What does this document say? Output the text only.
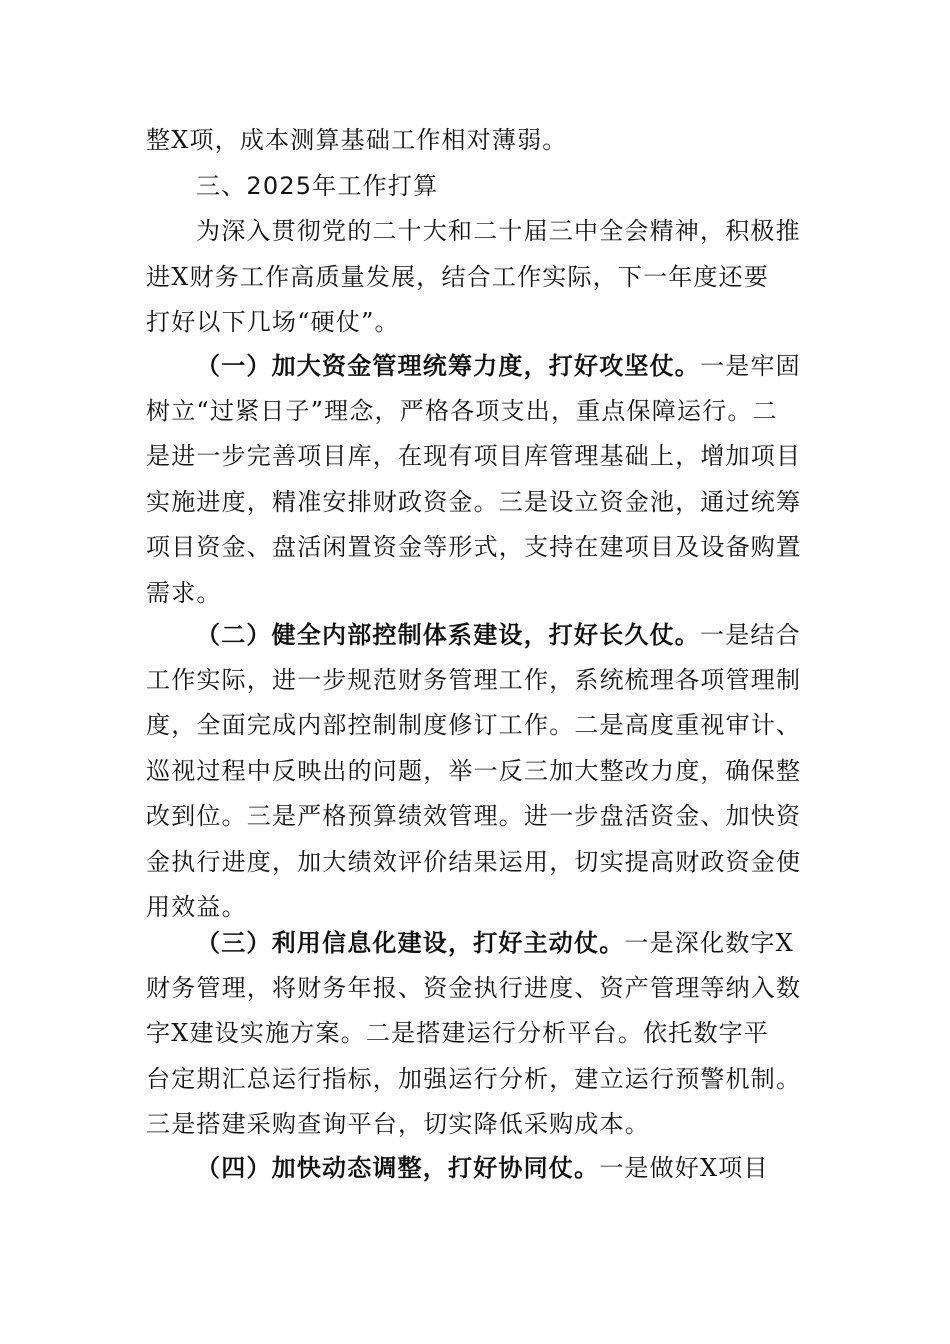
整X项，成本测算基础工作相对薄弱。
三、2025年工作打算
为深入贯彻党的二十大和二十届三中全会精神，积极推
进X财务工作高质量发展，结合工作实际，下一年度还要
打好以下几场“硬仗”。
（一）加大资金管理统筹力度，打好攻坚仗。一是牢固
树立“过紧日子”理念，严格各项支出，重点保障运行。二
是进一步完善项目库，在现有项目库管理基础上，增加项目
实施进度，精准安排财政资金。三是设立资金池，通过统筹
项目资金、盘活闲置资金等形式，支持在建项目及设备购置
需求。
（二）健全内部控制体系建设，打好长久仗。一是结合
工作实际，进一步规范财务管理工作，系统梳理各项管理制
度，全面完成内部控制制度修订工作。二是高度重视审计、
巡视过程中反映出的问题，举一反三加大整改力度，确保整
改到位。三是严格预算绩效管理。进一步盘活资金、加快资
金执行进度，加大绩效评价结果运用，切实提高财政资金使
用效益。
（三）利用信息化建设，打好主动仗。一是深化数字X
财务管理，将财务年报、资金执行进度、资产管理等纳入数
字X建设实施方案。二是搭建运行分析平台。依托数字平
台定期汇总运行指标，加强运行分析，建立运行预警机制。
三是搭建采购查询平台，切实降低采购成本。
（四）加快动态调整，打好协同仗。一是做好X项目
